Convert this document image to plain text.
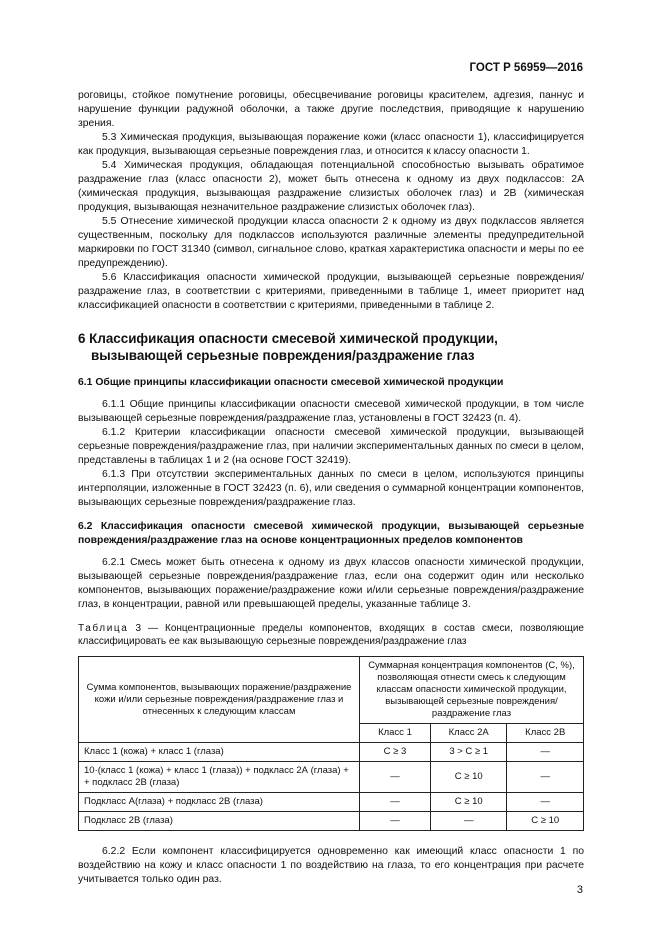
ГОСТ Р 56959—2016

роговицы, стойкое помутнение роговицы, обесцвечивание роговицы красителем, адгезия, паннус и нарушение функции радужной оболочки, а также другие последствия, приводящие к нарушению зрения.

5.3 Химическая продукция, вызывающая поражение кожи (класс опасности 1), классифицируется как продукция, вызывающая серьезные повреждения глаз, и относится к классу опасности 1.

5.4 Химическая продукция, обладающая потенциальной способностью вызывать обратимое раздражение глаз (класс опасности 2), может быть отнесена к одному из двух подклассов: 2А (химическая продукция, вызывающая раздражение слизистых оболочек глаз) и 2В (химическая продукция, вызывающая незначительное раздражение слизистых оболочек глаз).

5.5 Отнесение химической продукции класса опасности 2 к одному из двух подклассов является существенным, поскольку для подклассов используются различные элементы предупредительной маркировки по ГОСТ 31340 (символ, сигнальное слово, краткая характеристика опасности и меры по ее предупреждению).

5.6 Классификация опасности химической продукции, вызывающей серьезные повреждения/раздражение глаз, в соответствии с критериями, приведенными в таблице 1, имеет приоритет над классификацией опасности в соответствии с критериями, приведенными в таблице 2.

6 Классификация опасности смесевой химической продукции,
вызывающей серьезные повреждения/раздражение глаз

6.1 Общие принципы классификации опасности смесевой химической продукции

6.1.1 Общие принципы классификации опасности смесевой химической продукции, в том числе вызывающей серьезные повреждения/раздражение глаз, установлены в ГОСТ 32423 (п. 4).

6.1.2 Критерии классификации опасности смесевой химической продукции, вызывающей серьезные повреждения/раздражение глаз, при наличии экспериментальных данных по смеси в целом, представлены в таблицах 1 и 2 (на основе ГОСТ 32419).

6.1.3 При отсутствии экспериментальных данных по смеси в целом, используются принципы интерполяции, изложенные в ГОСТ 32423 (п. 6), или сведения о суммарной концентрации компонентов, вызывающих серьезные повреждения/раздражение глаз.

6.2 Классификация опасности смесевой химической продукции, вызывающей серьезные повреждения/раздражение глаз на основе концентрационных пределов компонентов

6.2.1 Смесь может быть отнесена к одному из двух классов опасности химической продукции, вызывающей серьезные повреждения/раздражение глаз, если она содержит один или несколько компонентов, вызывающих поражение/раздражение кожи и/или серьезные повреждения/раздражение глаз, в концентрации, равной или превышающей пределы, указанные таблице 3.

Таблица 3 — Концентрационные пределы компонентов, входящих в состав смеси, позволяющие классифицировать ее как вызывающую серьезные повреждения/раздражение глаз

Сумма компонентов, вызывающих поражение/раздражение кожи и/или серьезные повреждения/раздражение глаз и отнесенных к следующим классам	Суммарная концентрация компонентов (C, %), позволяющая отнести смесь к следующим классам опасности химической продукции, вызывающей серьезные повреждения/раздражение глаз		
	Класс 1	Класс 2А	Класс 2В
Класс 1 (кожа) + класс 1 (глаза)	C ≥ 3	3 > C ≥ 1	—
10·(класс 1 (кожа) + класс 1 (глаза)) + подкласс 2А (глаза) + + подкласс 2В (глаза)	—	C ≥ 10	—
Подкласс А(глаза) + подкласс 2В (глаза)	—	C ≥ 10	—
Подкласс 2В (глаза)	—	—	C ≥ 10

6.2.2 Если компонент классифицируется одновременно как имеющий класс опасности 1 по воздействию на кожу и класс опасности 1 по воздействию на глаза, то его концентрация при расчете учитывается только один раз.

3
